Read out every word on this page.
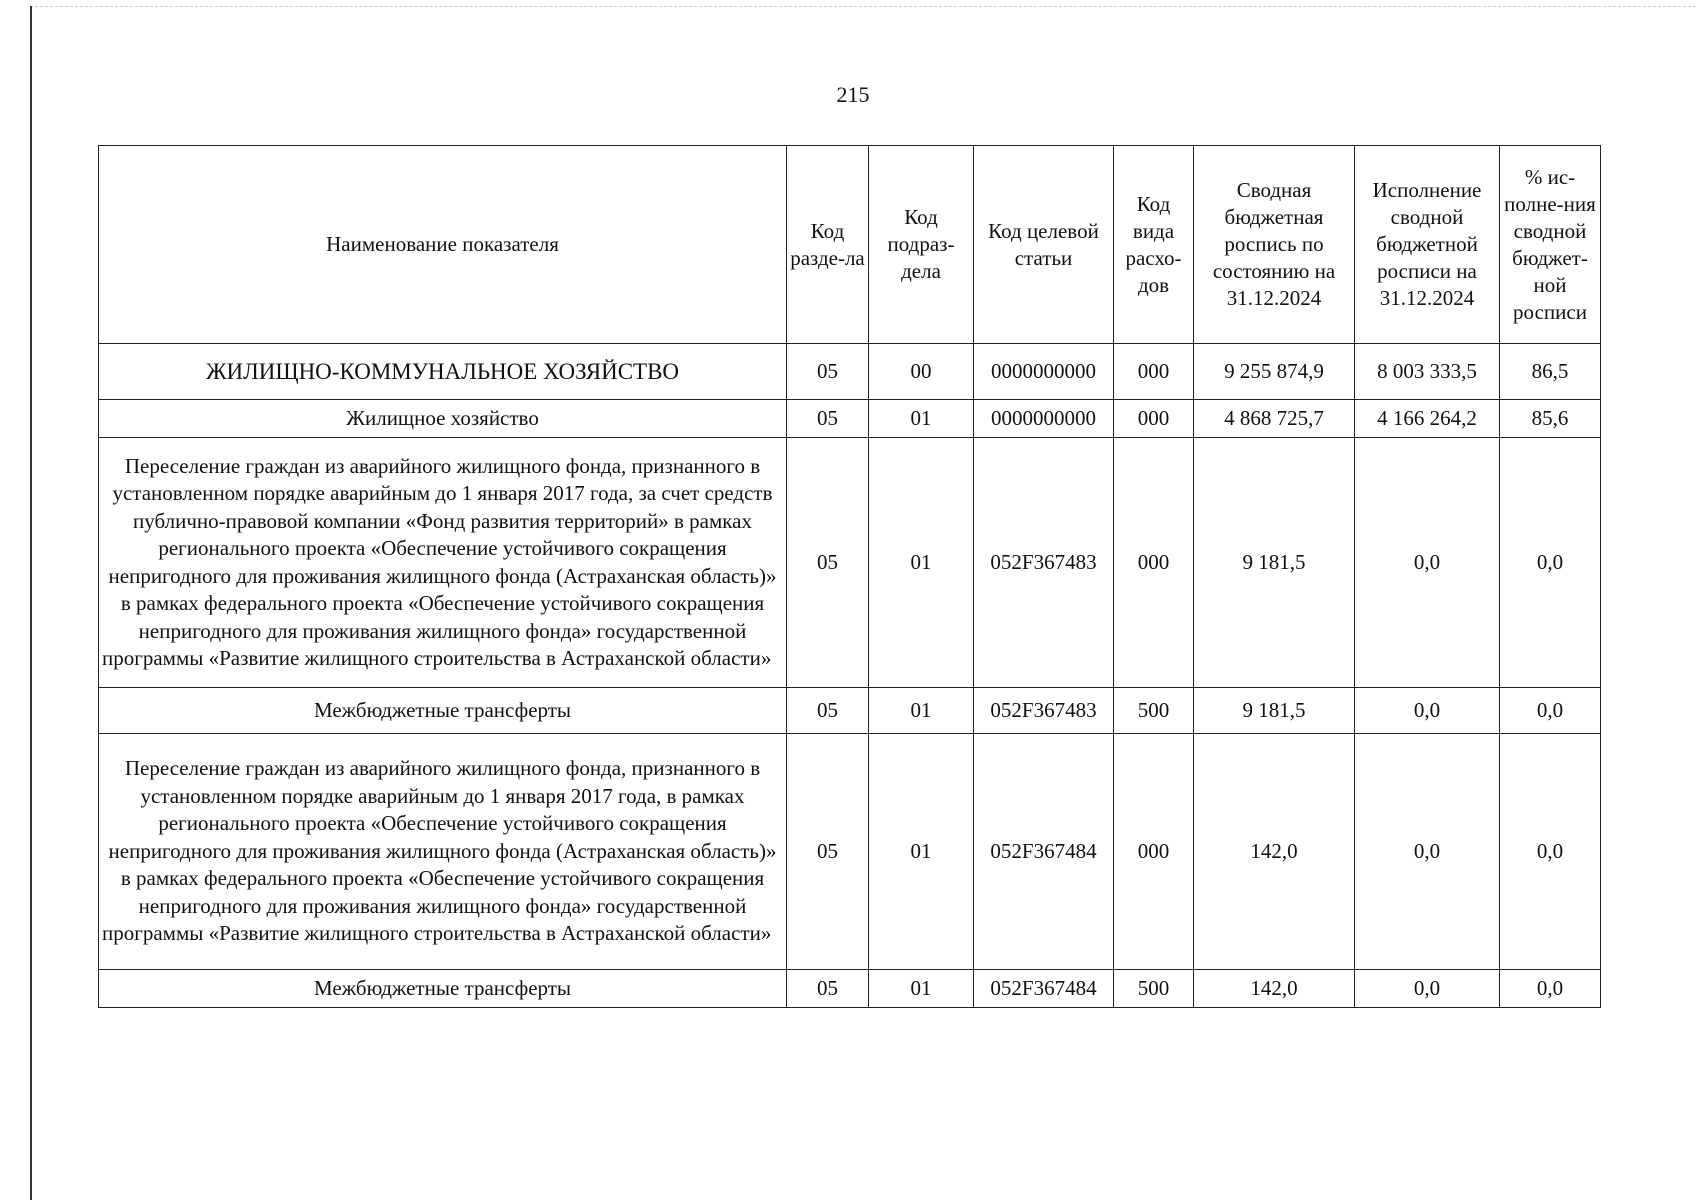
215
Наименование показателя	Код разде-ла	Код подраз-дела	Код целевой статьи	Код вида расхо-дов	Сводная бюджетная роспись по состоянию на 31.12.2024	Исполнение сводной бюджетной росписи на 31.12.2024	% ис-полне-ния сводной бюджет-ной росписи
ЖИЛИЩНО-КОММУНАЛЬНОЕ ХОЗЯЙСТВО	05	00	0000000000	000	9 255 874,9	8 003 333,5	86,5
Жилищное хозяйство	05	01	0000000000	000	4 868 725,7	4 166 264,2	85,6
Переселение граждан из аварийного жилищного фонда, признанного в установленном порядке аварийным до 1 января 2017 года, за счет средств публично-правовой компании «Фонд развития территорий» в рамках регионального проекта «Обеспечение устойчивого сокращения непригодного для проживания жилищного фонда (Астраханская область)» в рамках федерального проекта «Обеспечение устойчивого сокращения непригодного для проживания жилищного фонда» государственной программы «Развитие жилищного строительства в Астраханской области»	05	01	052F367483	000	9 181,5	0,0	0,0
Межбюджетные трансферты	05	01	052F367483	500	9 181,5	0,0	0,0
Переселение граждан из аварийного жилищного фонда, признанного в установленном порядке аварийным до 1 января 2017 года, в рамках регионального проекта «Обеспечение устойчивого сокращения непригодного для проживания жилищного фонда (Астраханская область)» в рамках федерального проекта «Обеспечение устойчивого сокращения непригодного для проживания жилищного фонда» государственной программы «Развитие жилищного строительства в Астраханской области»	05	01	052F367484	000	142,0	0,0	0,0
Межбюджетные трансферты	05	01	052F367484	500	142,0	0,0	0,0
